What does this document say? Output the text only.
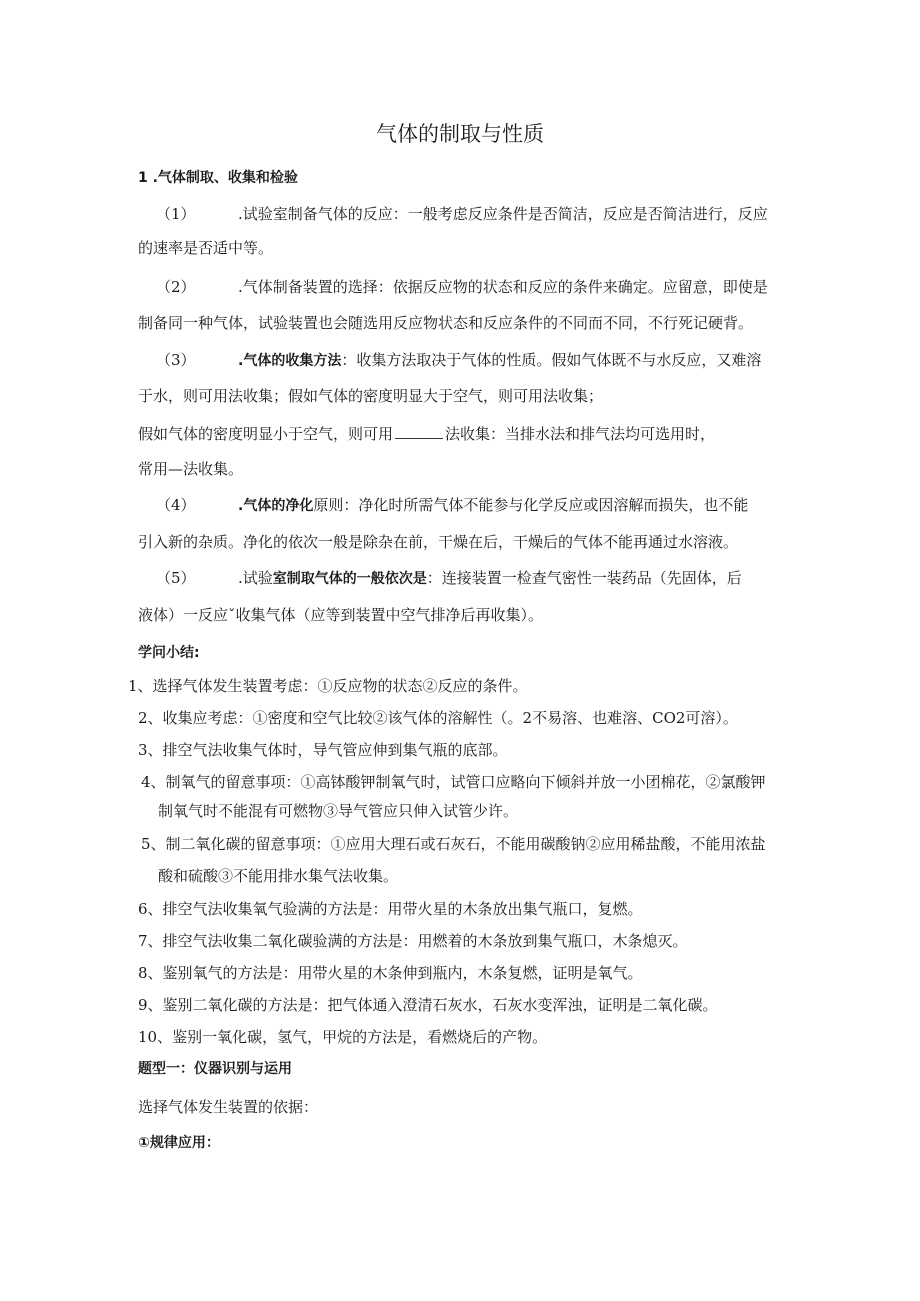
气体的制取与性质
1 .气体制取、收集和检验
（1）	.试验室制备气体的反应：一般考虑反应条件是否简洁，反应是否简洁进行，反应
的速率是否适中等。
（2）	.气体制备装置的选择：依据反应物的状态和反应的条件来确定。应留意，即使是
制备同一种气体，试验装置也会随选用反应物状态和反应条件的不同而不同，不行死记硬背。
（3）	.气体的收集方法：收集方法取决于气体的性质。假如气体既不与水反应，又难溶
于水，则可用法收集；假如气体的密度明显大于空气，则可用法收集；
假如气体的密度明显小于空气，则可用	法收集：当排水法和排气法均可选用时，
常用—法收集。
（4）	.气体的净化原则：净化时所需气体不能参与化学反应或因溶解而损失，也不能
引入新的杂质。净化的依次一般是除杂在前，干燥在后，干燥后的气体不能再通过水溶液。
（5）	.试验室制取气体的一般依次是：连接装置一检查气密性一装药品（先固体，后
液体）一反应ˇ收集气体（应等到装置中空气排净后再收集）。
学问小结:
1、选择气体发生装置考虑：①反应物的状态②反应的条件。
2、收集应考虑：①密度和空气比较②该气体的溶解性（。2不易溶、也难溶、CO2可溶）。
3、排空气法收集气体时，导气管应伸到集气瓶的底部。
4、制氧气的留意事项：①高钵酸钾制氧气时，试管口应略向下倾斜并放一小团棉花，②氯酸钾
制氧气时不能混有可燃物③导气管应只伸入试管少许。
5、制二氧化碳的留意事项：①应用大理石或石灰石，不能用碳酸钠②应用稀盐酸，不能用浓盐
酸和硫酸③不能用排水集气法收集。
6、排空气法收集氧气验满的方法是：用带火星的木条放出集气瓶口，复燃。
7、排空气法收集二氧化碳验满的方法是：用燃着的木条放到集气瓶口，木条熄灭。
8、鉴别氧气的方法是：用带火星的木条伸到瓶内，木条复燃，证明是氧气。
9、鉴别二氧化碳的方法是：把气体通入澄清石灰水，石灰水变浑浊，证明是二氧化碳。
10、鉴别一氧化碳，氢气，甲烷的方法是，看燃烧后的产物。
题型一：仪器识别与运用
选择气体发生装置的依据：
①规律应用：
